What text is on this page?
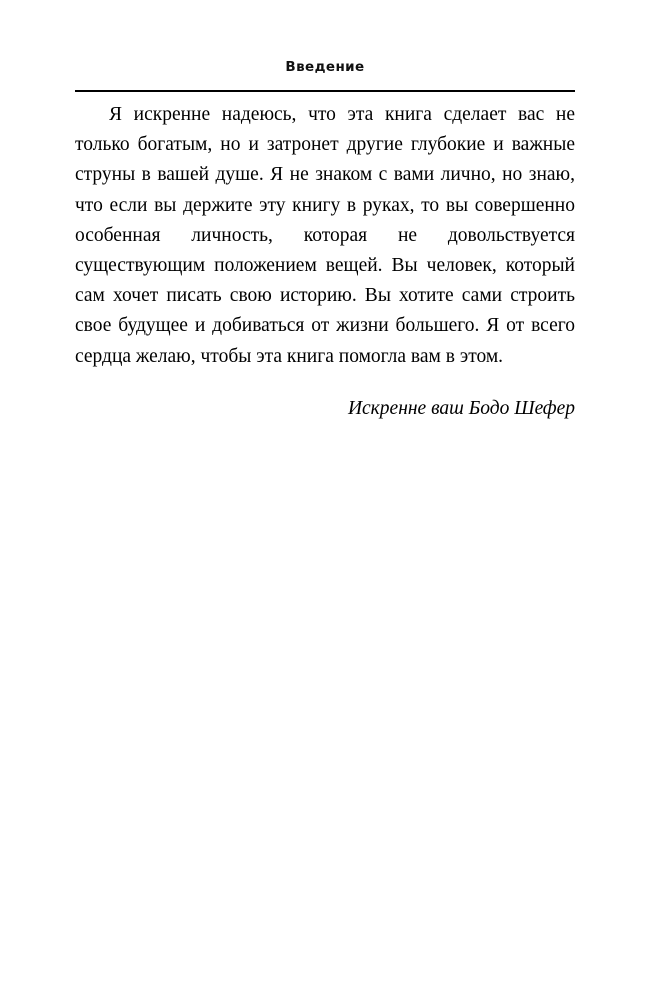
Введение

Я искренне надеюсь, что эта книга сделает вас не только богатым, но и затронет другие глубокие и важные струны в вашей душе. Я не знаком с вами лично, но знаю, что если вы держите эту книгу в руках, то вы совершенно особенная личность, которая не довольствуется существующим положением вещей. Вы человек, который сам хочет писать свою историю. Вы хотите сами строить свое будущее и добиваться от жизни большего. Я от всего сердца желаю, чтобы эта книга помогла вам в этом.

Искренне ваш Бодо Шефер
